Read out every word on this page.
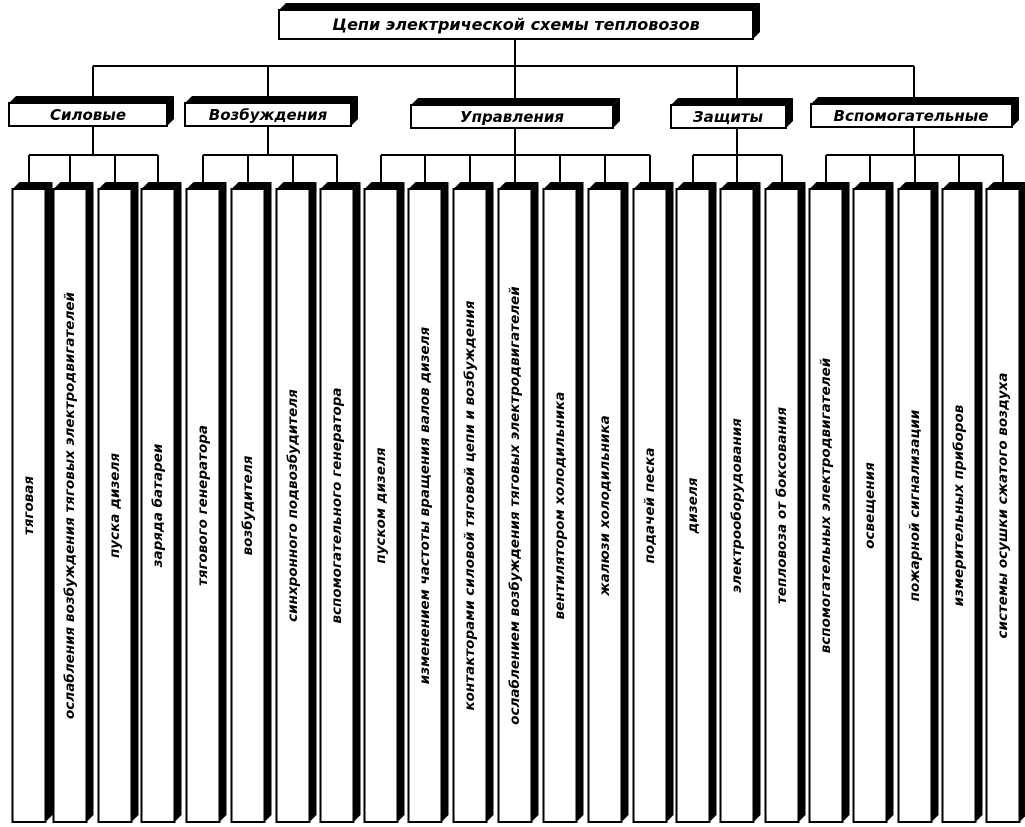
Цепи электрической схемы тепловозов
Силовые	Возбуждения	Управления	Защиты	Вспомогательные
тяговая ослабления возбуждения тяговых электродвигателей пуска дизеля заряда батареи тягового генератора возбудителя синхронного подвозбудителя вспомогательного генератора пуском дизеля изменением частоты вращения валов дизеля контакторами силовой тяговой цепи и возбуждения ослаблением возбуждения тяговых электродвигателей вентилятором холодильника жалюзи холодильника подачей песка дизеля электрооборудования тепловоза от боксования вспомогательных электродвигателей освещения пожарной сигнализации измерительных приборов системы осушки сжатого воздуха
